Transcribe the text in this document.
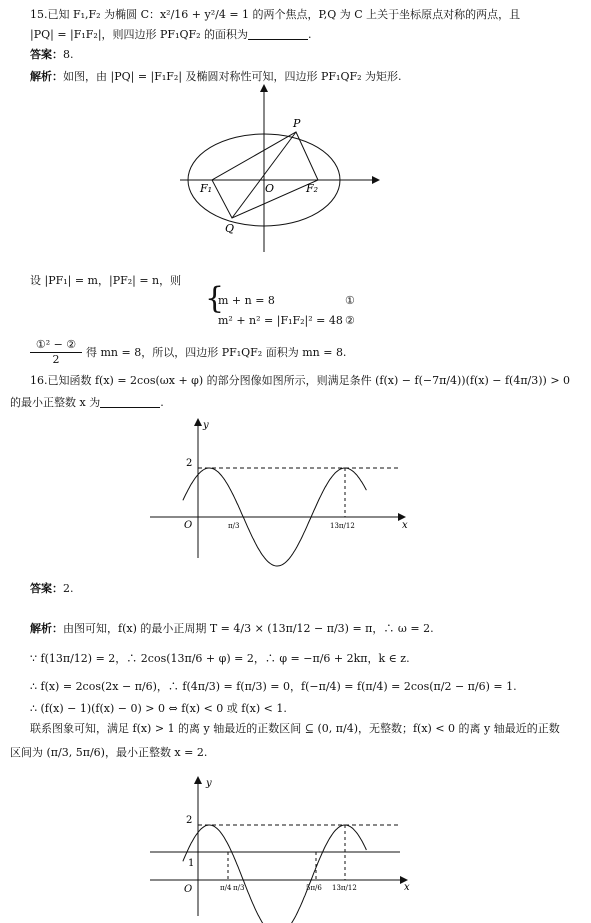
15.已知 F₁,F₂ 为椭圆 C：x²/16 + y²/4 = 1 的两个焦点，P,Q 为 C 上关于坐标原点对称的两点，且
|PQ| = |F₁F₂|，则四边形 PF₁QF₂ 的面积为	.
答案：8.
解析：如图，由 |PQ| = |F₁F₂| 及椭圆对称性可知，四边形 PF₁QF₂ 为矩形.
P
Q
O
F₁	F₂
设 |PF₁| = m，|PF₂| = n，则
{
m + n = 8	①
m² + n² = |F₁F₂|² = 48 ②
①² − ②
2
得 mn = 8，所以，四边形 PF₁QF₂ 面积为 mn = 8.
16.已知函数 f(x) = 2cos(ωx + φ) 的部分图像如图所示，则满足条件 (f(x) − f(−7π/4))(f(x) − f(4π/3)) > 0
的最小正整数 x 为	.
y
x
O
2
π/3	13π/12
答案：2.
解析：由图可知，f(x) 的最小正周期 T = 4/3 × (13π/12 − π/3) = π，∴ ω = 2.
∵ f(13π/12) = 2，∴ 2cos(13π/6 + φ) = 2，∴ φ = −π/6 + 2kπ，k ∈ z.
∴ f(x) = 2cos(2x − π/6)，∴ f(4π/3) = f(π/3) = 0，f(−π/4) = f(π/4) = 2cos(π/2 − π/6) = 1.
∴ (f(x) − 1)(f(x) − 0) > 0 ⇔ f(x) < 0 或 f(x) < 1.
联系图象可知，满足 f(x) > 1 的离 y 轴最近的正数区间 ⊆ (0, π/4)，无整数；f(x) < 0 的离 y 轴最近的正数
区间为 (π/3, 5π/6)，最小正整数 x = 2.
y
x
O
2
1
π/4 π/3	5π/6 13π/12
